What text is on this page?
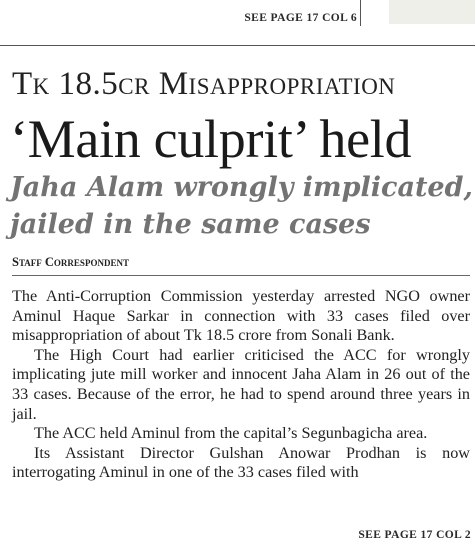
SEE PAGE 17 COL 6
Tk 18.5cr Misappropriation
‘Main culprit’ held
Jaha Alam wrongly implicated,
jailed in the same cases
Staff Correspondent

The Anti-Corruption Commission yesterday arrested NGO owner Aminul Haque Sarkar in connection with 33 cases filed over misappropriation of about Tk 18.5 crore from Sonali Bank.

The High Court had earlier criticised the ACC for wrongly implicating jute mill worker and innocent Jaha Alam in 26 out of the 33 cases. Because of the error, he had to spend around three years in jail.

The ACC held Aminul from the capital’s Segunbagicha area.

Its Assistant Director Gulshan Anowar Prodhan is now interrogating Aminul in one of the 33 cases filed with

SEE PAGE 17 COL 2
